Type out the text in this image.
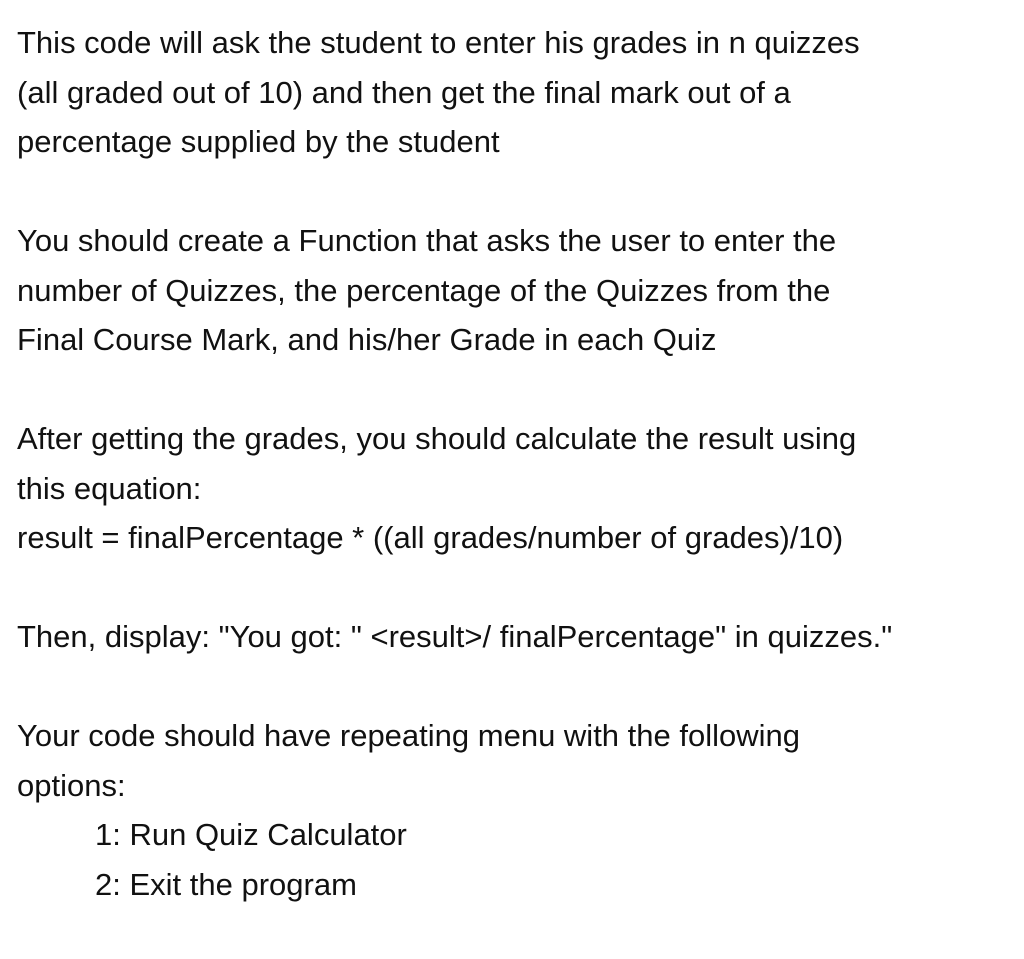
This code will ask the student to enter his grades in n quizzes
(all graded out of 10) and then get the final mark out of a
percentage supplied by the student

You should create a Function that asks the user to enter the
number of Quizzes, the percentage of the Quizzes from the
Final Course Mark, and his/her Grade in each Quiz

After getting the grades, you should calculate the result using
this equation:
result = finalPercentage * ((all grades/number of grades)/10)

Then, display: "You got: " <result>/ finalPercentage" in quizzes."

Your code should have repeating menu with the following
options:
1: Run Quiz Calculator
2: Exit the program
